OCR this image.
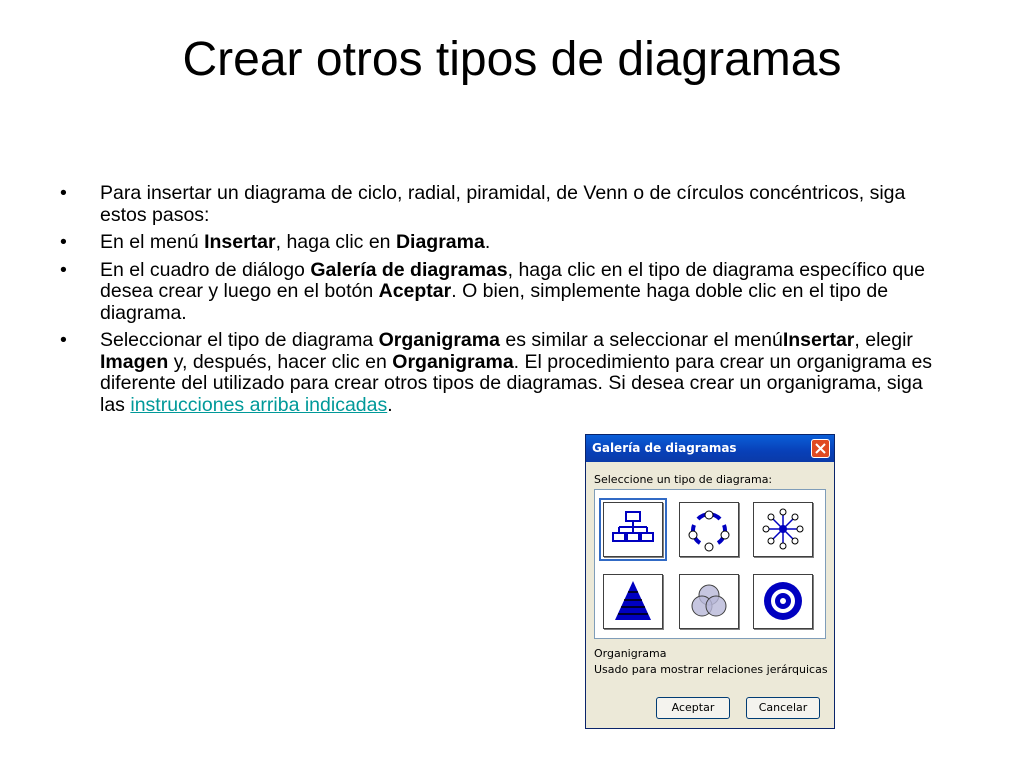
Crear otros tipos de diagramas
• Para insertar un diagrama de ciclo, radial, piramidal, de Venn o de círculos concéntricos, siga estos pasos:
• En el menú Insertar, haga clic en Diagrama.
• En el cuadro de diálogo Galería de diagramas, haga clic en el tipo de diagrama específico que desea crear y luego en el botón Aceptar. O bien, simplemente haga doble clic en el tipo de diagrama.
• Seleccionar el tipo de diagrama Organigrama es similar a seleccionar el menúInsertar, elegir Imagen y, después, hacer clic en Organigrama. El procedimiento para crear un organigrama es diferente del utilizado para crear otros tipos de diagramas. Si desea crear un organigrama, siga las instrucciones arriba indicadas.
Galería de diagramas
Seleccione un tipo de diagrama:
Organigrama
Usado para mostrar relaciones jerárquicas
Aceptar	Cancelar
